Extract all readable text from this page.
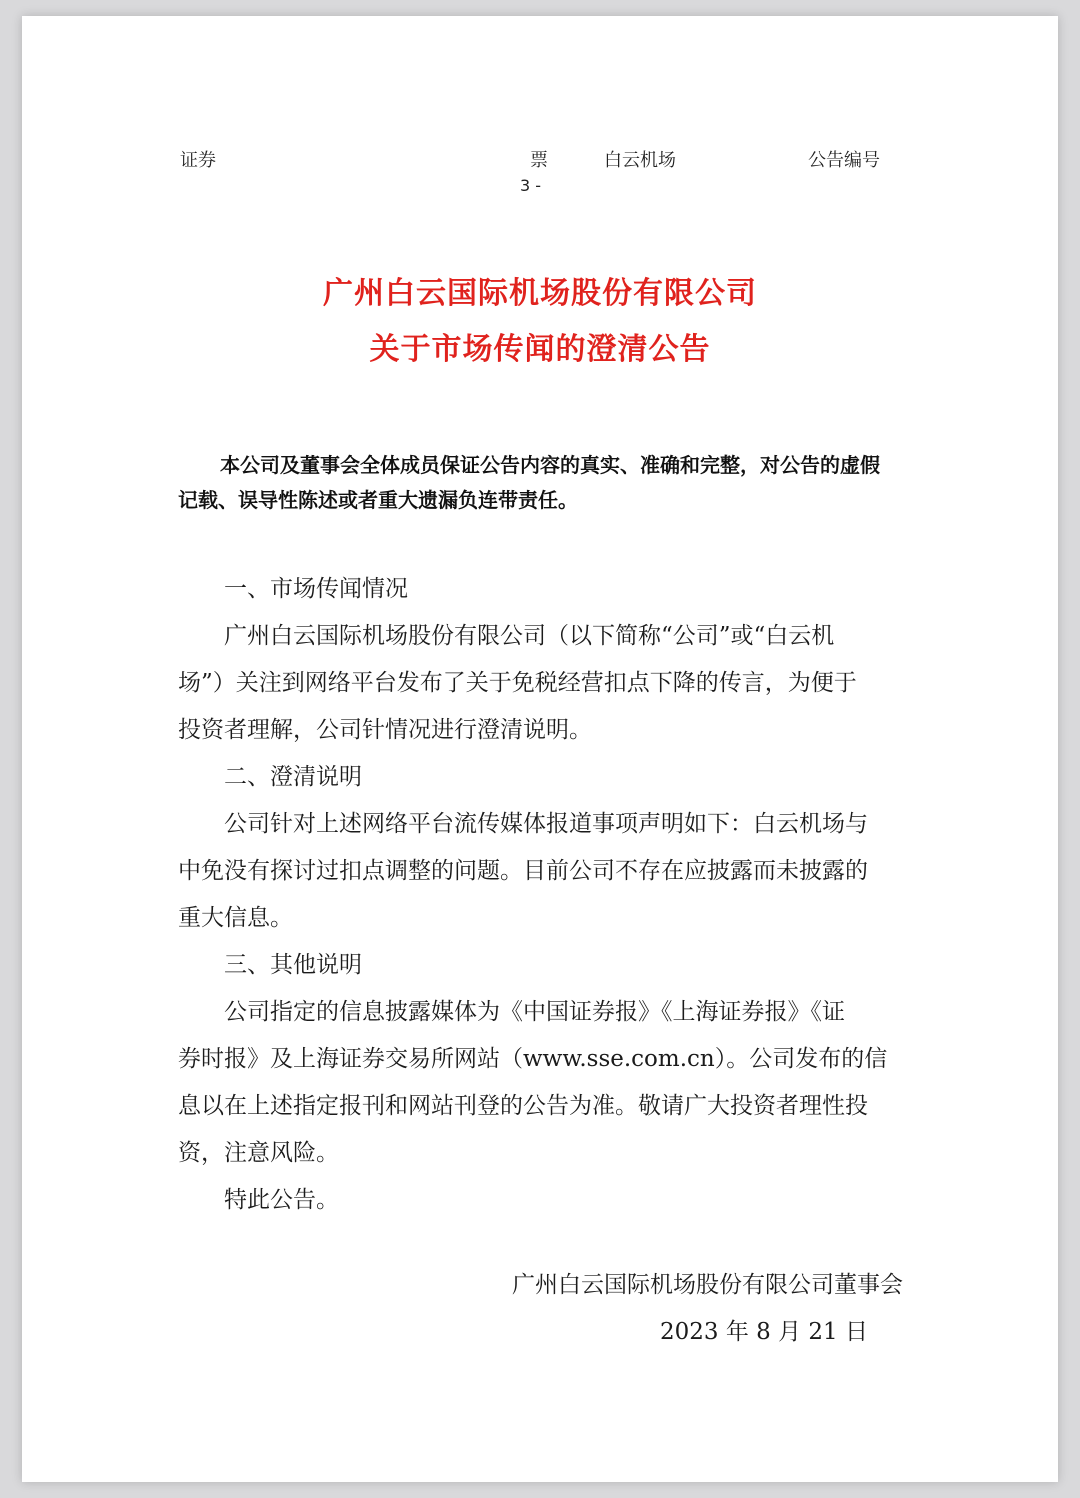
证券	票	白云机场	公告编号
3 -
广州白云国际机场股份有限公司
关于市场传闻的澄清公告
本公司及董事会全体成员保证公告内容的真实、准确和完整，对公告的虚假
记载、误导性陈述或者重大遗漏负连带责任。
一、市场传闻情况
广州白云国际机场股份有限公司（以下简称“公司”或“白云机
场”）关注到网络平台发布了关于免税经营扣点下降的传言，为便于
投资者理解，公司针情况进行澄清说明。
二、澄清说明
公司针对上述网络平台流传媒体报道事项声明如下：白云机场与
中免没有探讨过扣点调整的问题。目前公司不存在应披露而未披露的
重大信息。
三、其他说明
公司指定的信息披露媒体为《中国证券报》《上海证券报》《证
券时报》及上海证券交易所网站（www.sse.com.cn）。公司发布的信
息以在上述指定报刊和网站刊登的公告为准。敬请广大投资者理性投
资，注意风险。
特此公告。
广州白云国际机场股份有限公司董事会
2023 年 8 月 21 日
